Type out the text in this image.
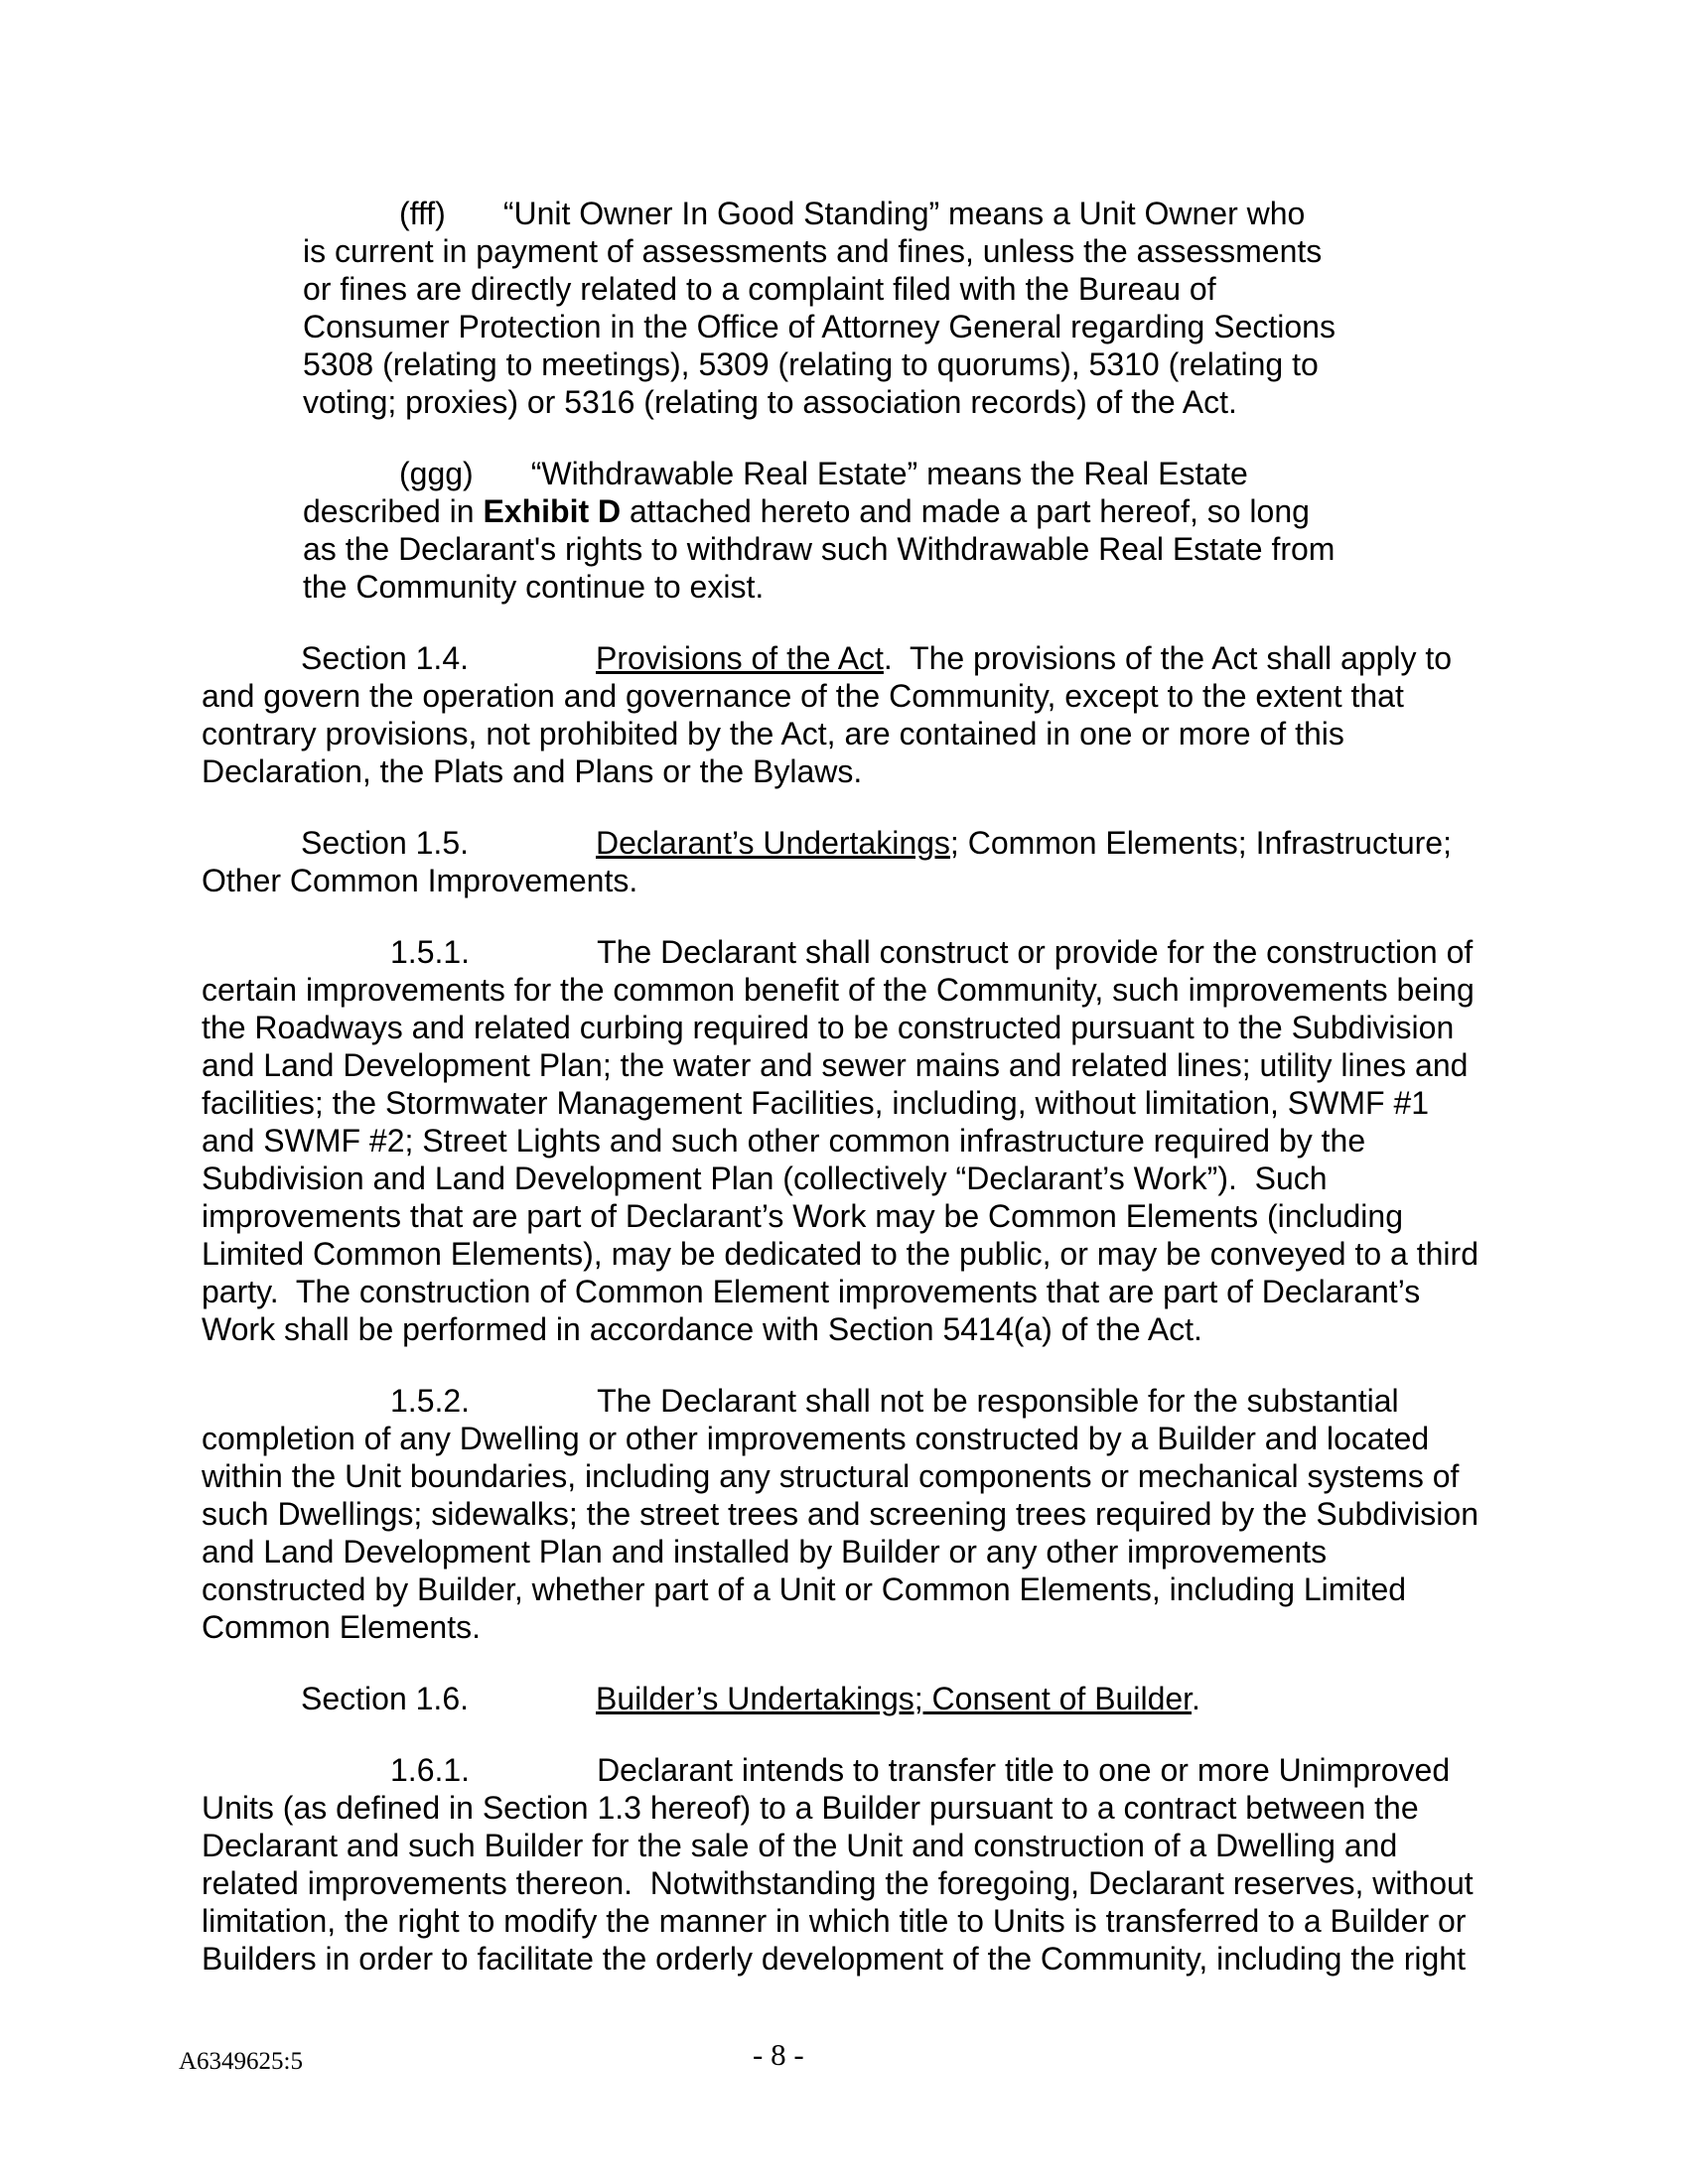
(fff) “Unit Owner In Good Standing” means a Unit Owner who is current in payment of assessments and fines, unless the assessments or fines are directly related to a complaint filed with the Bureau of Consumer Protection in the Office of Attorney General regarding Sections 5308 (relating to meetings), 5309 (relating to quorums), 5310 (relating to voting; proxies) or 5316 (relating to association records) of the Act.

(ggg) “Withdrawable Real Estate” means the Real Estate described in Exhibit D attached hereto and made a part hereof, so long as the Declarant's rights to withdraw such Withdrawable Real Estate from the Community continue to exist.

Section 1.4.	Provisions of the Act.  The provisions of the Act shall apply to and govern the operation and governance of the Community, except to the extent that contrary provisions, not prohibited by the Act, are contained in one or more of this Declaration, the Plats and Plans or the Bylaws.

Section 1.5.	Declarant’s Undertakings; Common Elements; Infrastructure; Other Common Improvements.

1.5.1.	The Declarant shall construct or provide for the construction of certain improvements for the common benefit of the Community, such improvements being the Roadways and related curbing required to be constructed pursuant to the Subdivision and Land Development Plan; the water and sewer mains and related lines; utility lines and facilities; the Stormwater Management Facilities, including, without limitation, SWMF #1 and SWMF #2; Street Lights and such other common infrastructure required by the Subdivision and Land Development Plan (collectively “Declarant’s Work”).  Such improvements that are part of Declarant’s Work may be Common Elements (including Limited Common Elements), may be dedicated to the public, or may be conveyed to a third party.  The construction of Common Element improvements that are part of Declarant’s Work shall be performed in accordance with Section 5414(a) of the Act.

1.5.2.	The Declarant shall not be responsible for the substantial completion of any Dwelling or other improvements constructed by a Builder and located within the Unit boundaries, including any structural components or mechanical systems of such Dwellings; sidewalks; the street trees and screening trees required by the Subdivision and Land Development Plan and installed by Builder or any other improvements constructed by Builder, whether part of a Unit or Common Elements, including Limited Common Elements.

Section 1.6.	Builder’s Undertakings; Consent of Builder.

1.6.1.	Declarant intends to transfer title to one or more Unimproved Units (as defined in Section 1.3 hereof) to a Builder pursuant to a contract between the Declarant and such Builder for the sale of the Unit and construction of a Dwelling and related improvements thereon.  Notwithstanding the foregoing, Declarant reserves, without limitation, the right to modify the manner in which title to Units is transferred to a Builder or Builders in order to facilitate the orderly development of the Community, including the right

A6349625:5	- 8 -
